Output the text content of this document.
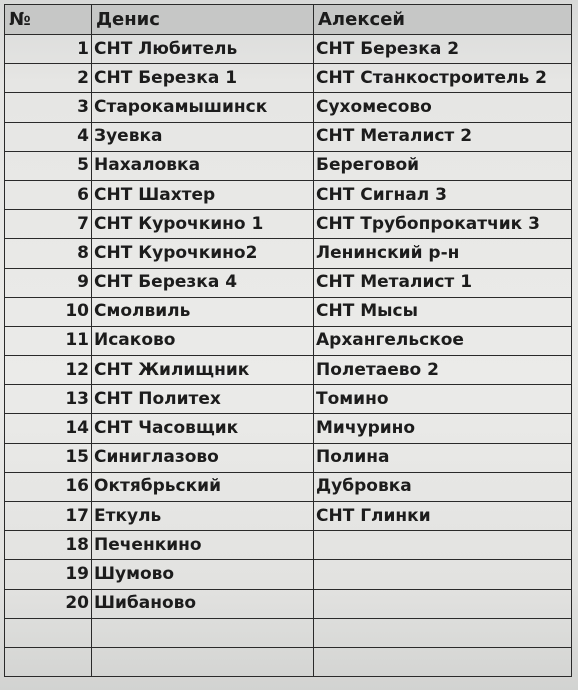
№	Денис	Алексей
1	СНТ Любитель	СНТ Березка 2
2	СНТ Березка 1	СНТ Станкостроитель 2
3	Старокамышинск	Сухомесово
4	Зуевка	СНТ Металист 2
5	Нахаловка	Береговой
6	СНТ Шахтер	СНТ Сигнал 3
7	СНТ Курочкино 1	СНТ Трубопрокатчик 3
8	СНТ Курочкино2	Ленинский р-н
9	СНТ Березка 4	СНТ Металист 1
10	Смолвиль	СНТ Мысы
11	Исаково	Архангельское
12	СНТ Жилищник	Полетаево 2
13	СНТ Политех	Томино
14	СНТ Часовщик	Мичурино
15	Синиглазово	Полина
16	Октябрьский	Дубровка
17	Еткуль	СНТ Глинки
18	Печенкино	
19	Шумово	
20	Шибаново	
